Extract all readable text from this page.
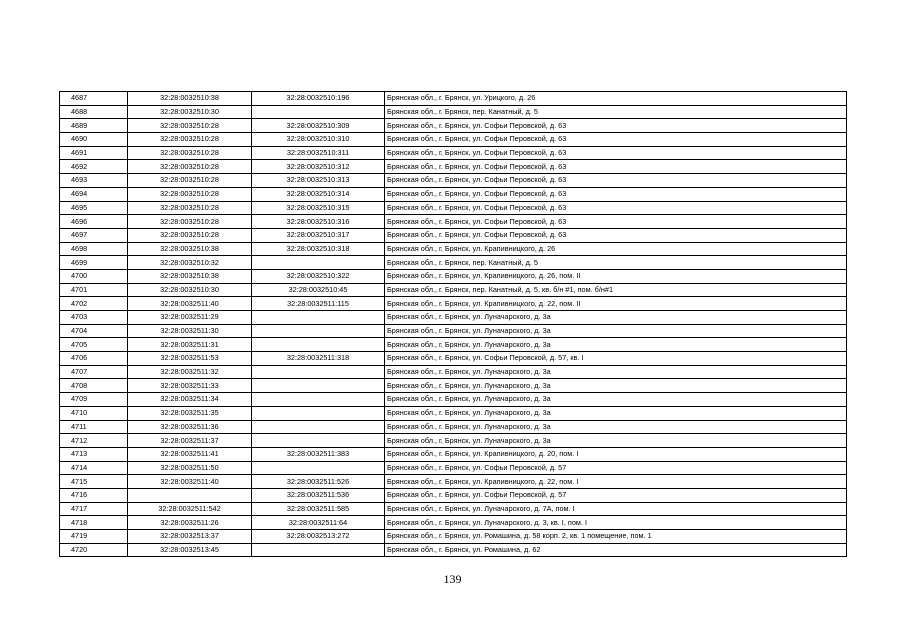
4687	32:28:0032510:38	32:28:0032510:196	Брянская обл., г. Брянск, ул. Урицкого, д. 26
4688	32:28:0032510:30		Брянская обл., г. Брянск, пер. Канатный, д. 5
4689	32:28:0032510:28	32:28:0032510:309	Брянская обл., г. Брянск, ул. Софьи Перовской, д. 63
4690	32:28:0032510:28	32:28:0032510:310	Брянская обл., г. Брянск, ул. Софьи Перовской, д. 63
4691	32:28:0032510:28	32:28:0032510:311	Брянская обл., г. Брянск, ул. Софьи Перовской, д. 63
4692	32:28:0032510:28	32:28:0032510:312	Брянская обл., г. Брянск, ул. Софьи Перовской, д. 63
4693	32:28:0032510:28	32:28:0032510:313	Брянская обл., г. Брянск, ул. Софьи Перовской, д. 63
4694	32:28:0032510:28	32:28:0032510:314	Брянская обл., г. Брянск, ул. Софьи Перовской, д. 63
4695	32:28:0032510:28	32:28:0032510:315	Брянская обл., г. Брянск, ул. Софьи Перовской, д. 63
4696	32:28:0032510:28	32:28:0032510:316	Брянская обл., г. Брянск, ул. Софьи Перовской, д. 63
4697	32:28:0032510:28	32:28:0032510:317	Брянская обл., г. Брянск, ул. Софьи Перовской, д. 63
4698	32:28:0032510:38	32:28:0032510:318	Брянская обл., г. Брянск, ул. Крапивницкого, д. 26
4699	32:28:0032510:32		Брянская обл., г. Брянск, пер. Канатный, д. 5
4700	32:28:0032510:38	32:28:0032510:322	Брянская обл., г. Брянск, ул. Крапивницкого, д. 26, пом. II
4701	32:28:0032510:30	32:28:0032510:45	Брянская обл., г. Брянск, пер. Канатный, д. 5, кв. б/н #1, пом. б/н#1
4702	32:28:0032511:40	32:28:0032511:115	Брянская обл., г. Брянск, ул. Крапивницкого, д. 22, пом. II
4703	32:28:0032511:29		Брянская обл., г. Брянск, ул. Луначарского, д. 3а
4704	32:28:0032511:30		Брянская обл., г. Брянск, ул. Луначарского, д. 3а
4705	32:28:0032511:31		Брянская обл., г. Брянск, ул. Луначарского, д. 3а
4706	32:28:0032511:53	32:28:0032511:318	Брянская обл., г. Брянск, ул. Софьи Перовской, д. 57, кв. I
4707	32:28:0032511:32		Брянская обл., г. Брянск, ул. Луначарского, д. 3а
4708	32:28:0032511:33		Брянская обл., г. Брянск, ул. Луначарского, д. 3а
4709	32:28:0032511:34		Брянская обл., г. Брянск, ул. Луначарского, д. 3а
4710	32:28:0032511:35		Брянская обл., г. Брянск, ул. Луначарского, д. 3а
4711	32:28:0032511:36		Брянская обл., г. Брянск, ул. Луначарского, д. 3а
4712	32:28:0032511:37		Брянская обл., г. Брянск, ул. Луначарского, д. 3а
4713	32:28:0032511:41	32:28:0032511:383	Брянская обл., г. Брянск, ул. Крапивницкого, д. 20, пом. I
4714	32:28:0032511:50		Брянская обл., г. Брянск, ул. Софьи Перовской, д. 57
4715	32:28:0032511:40	32:28:0032511:526	Брянская обл., г. Брянск, ул. Крапивницкого, д. 22, пом. I
4716		32:28:0032511:536	Брянская обл., г. Брянск, ул. Софьи Перовской, д. 57
4717	32:28:0032511:542	32:28:0032511:585	Брянская обл., г. Брянск, ул. Луначарского, д. 7А, пом. I
4718	32:28:0032511:26	32:28:0032511:64	Брянская обл., г. Брянск, ул. Луначарского, д. 3, кв. I, пом. I
4719	32:28:0032513:37	32:28:0032513:272	Брянская обл., г. Брянск, ул. Ромашина, д. 58 корп. 2, кв. 1 помещение, пом. 1
4720	32:28:0032513:45		Брянская обл., г. Брянск, ул. Ромашина, д. 62
139
